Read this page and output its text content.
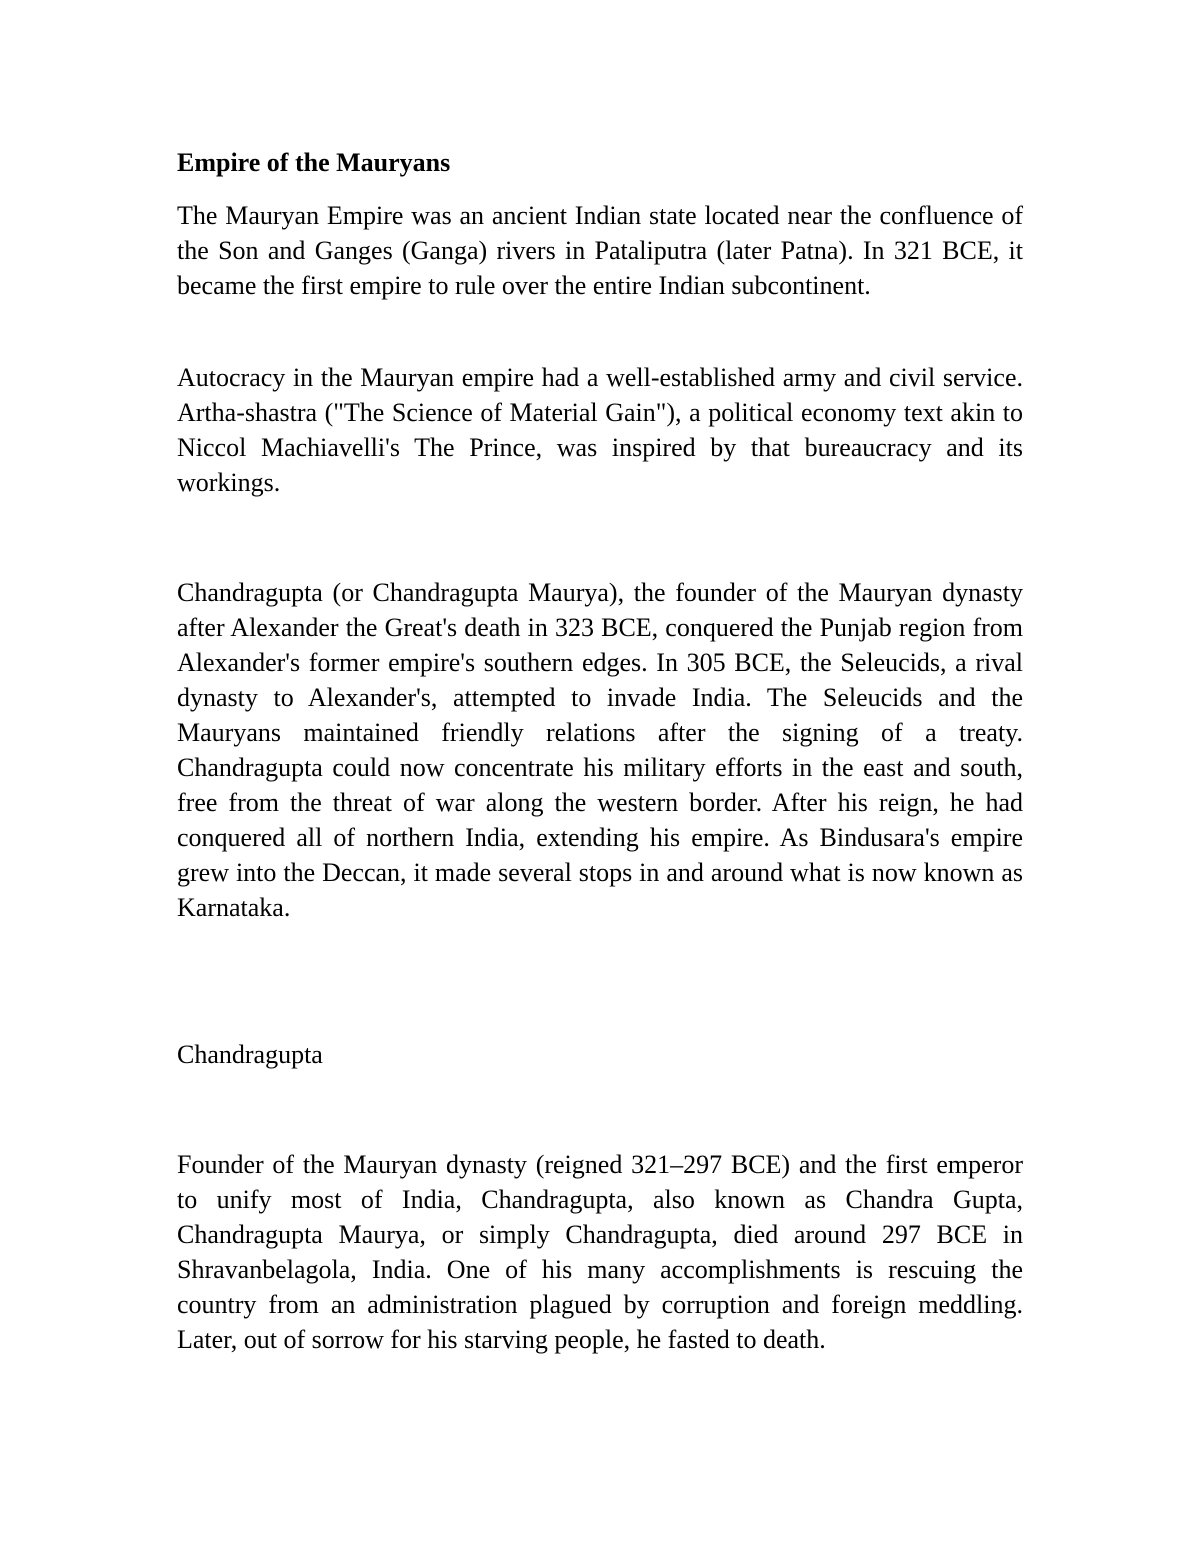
Empire of the Mauryans

The Mauryan Empire was an ancient Indian state located near the confluence of the Son and Ganges (Ganga) rivers in Pataliputra (later Patna). In 321 BCE, it became the first empire to rule over the entire Indian subcontinent.

Autocracy in the Mauryan empire had a well-established army and civil service. Artha-shastra ("The Science of Material Gain"), a political economy text akin to Niccol Machiavelli's The Prince, was inspired by that bureaucracy and its workings.

Chandragupta (or Chandragupta Maurya), the founder of the Mauryan dynasty after Alexander the Great's death in 323 BCE, conquered the Punjab region from Alexander's former empire's southern edges. In 305 BCE, the Seleucids, a rival dynasty to Alexander's, attempted to invade India. The Seleucids and the Mauryans maintained friendly relations after the signing of a treaty. Chandragupta could now concentrate his military efforts in the east and south, free from the threat of war along the western border. After his reign, he had conquered all of northern India, extending his empire. As Bindusara's empire grew into the Deccan, it made several stops in and around what is now known as Karnataka.

Chandragupta

Founder of the Mauryan dynasty (reigned 321–297 BCE) and the first emperor to unify most of India, Chandragupta, also known as Chandra Gupta, Chandragupta Maurya, or simply Chandragupta, died around 297 BCE in Shravanbelagola, India. One of his many accomplishments is rescuing the country from an administration plagued by corruption and foreign meddling. Later, out of sorrow for his starving people, he fasted to death.
